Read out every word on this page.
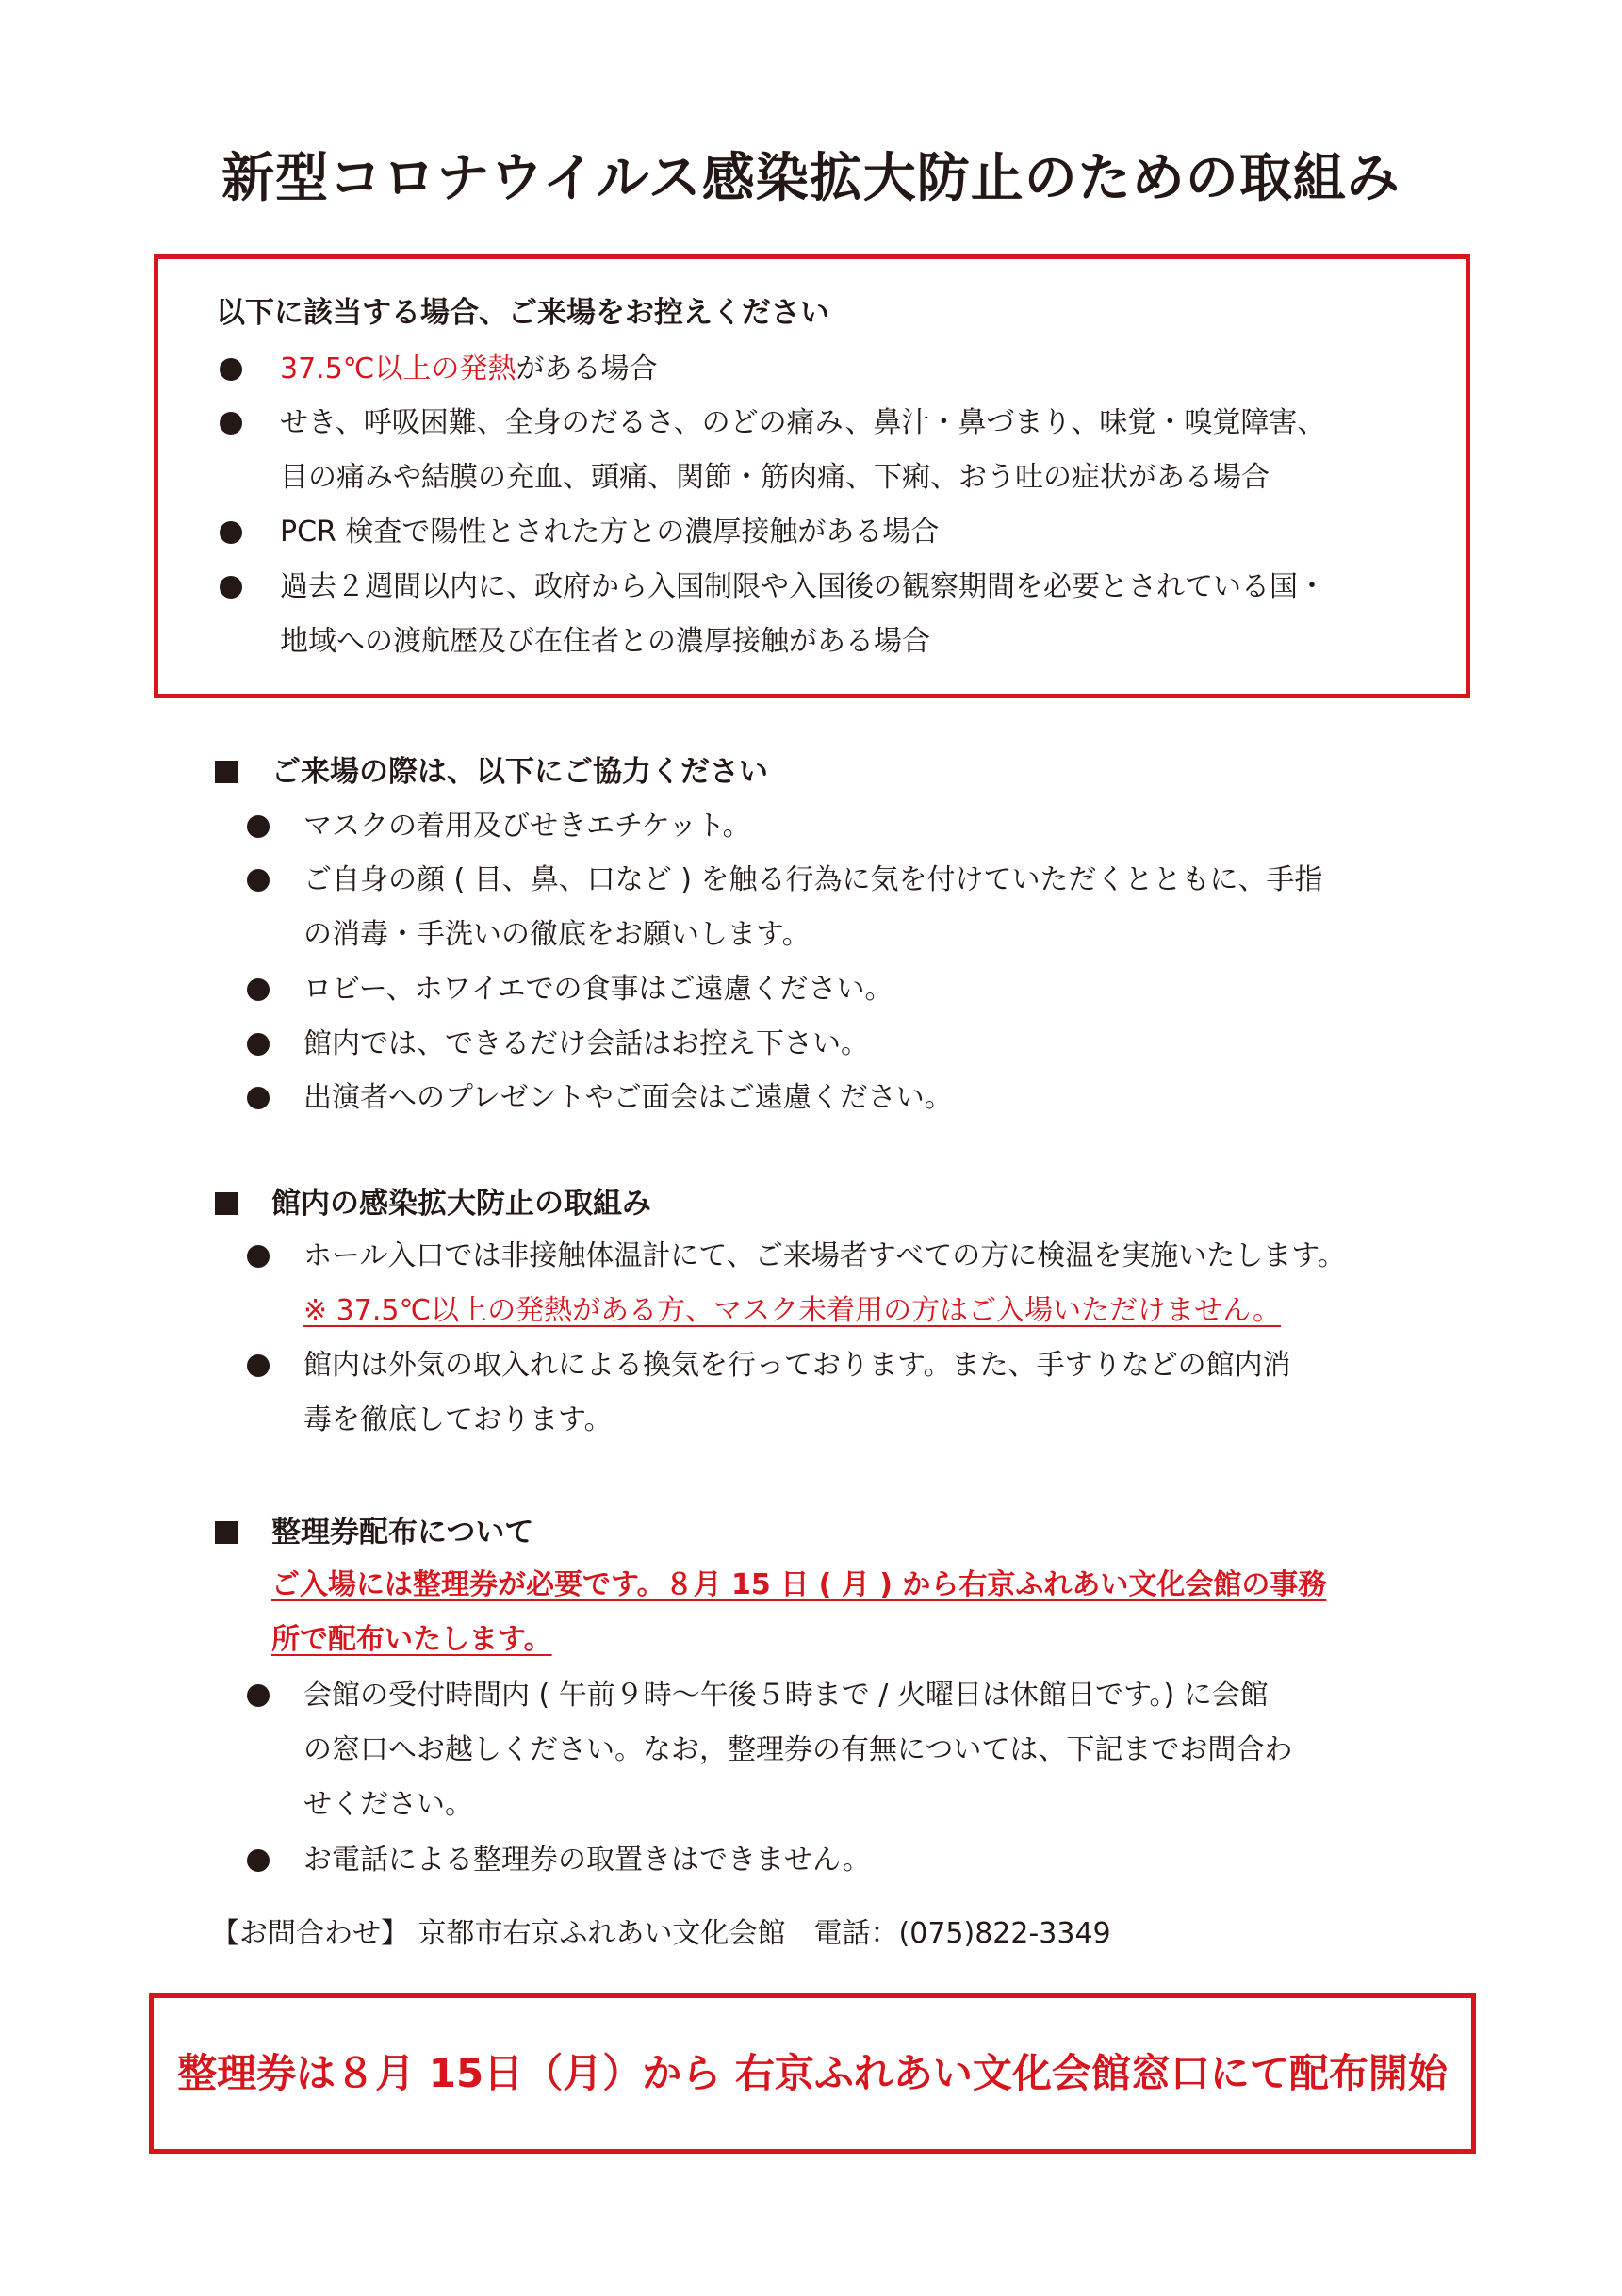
新型コロナウイルス感染拡大防止のための取組み
以下に該当する場合、ご来場をお控えください
37.5℃以上の発熱がある場合
せき、呼吸困難、全身のだるさ、のどの痛み、鼻汁・鼻づまり、味覚・嗅覚障害、
目の痛みや結膜の充血、頭痛、関節・筋肉痛、下痢、おう吐の症状がある場合
PCR 検査で陽性とされた方との濃厚接触がある場合
過去２週間以内に、政府から入国制限や入国後の観察期間を必要とされている国・
地域への渡航歴及び在住者との濃厚接触がある場合
ご来場の際は、以下にご協力ください
マスクの着用及びせきエチケット。
ご自身の顔 ( 目、鼻、口など ) を触る行為に気を付けていただくとともに、手指
の消毒・手洗いの徹底をお願いします。
ロビー、ホワイエでの食事はご遠慮ください。
館内では、できるだけ会話はお控え下さい。
出演者へのプレゼントやご面会はご遠慮ください。
館内の感染拡大防止の取組み
ホール入口では非接触体温計にて、ご来場者すべての方に検温を実施いたします。
※ 37.5℃以上の発熱がある方、マスク未着用の方はご入場いただけません。
館内は外気の取入れによる換気を行っております。また、手すりなどの館内消
毒を徹底しております。
整理券配布について
ご入場には整理券が必要です。８月 15 日 ( 月 ) から右京ふれあい文化会館の事務
所で配布いたします。
会館の受付時間内 ( 午前９時～午後５時まで / 火曜日は休館日です。) に会館
の窓口へお越しください。なお，整理券の有無については、下記までお問合わ
せください。
お電話による整理券の取置きはできません。
【お問合わせ】 京都市右京ふれあい文化会館　電話：(075)822-3349
整理券は８月 15日（月）から 右京ふれあい文化会館窓口にて配布開始
